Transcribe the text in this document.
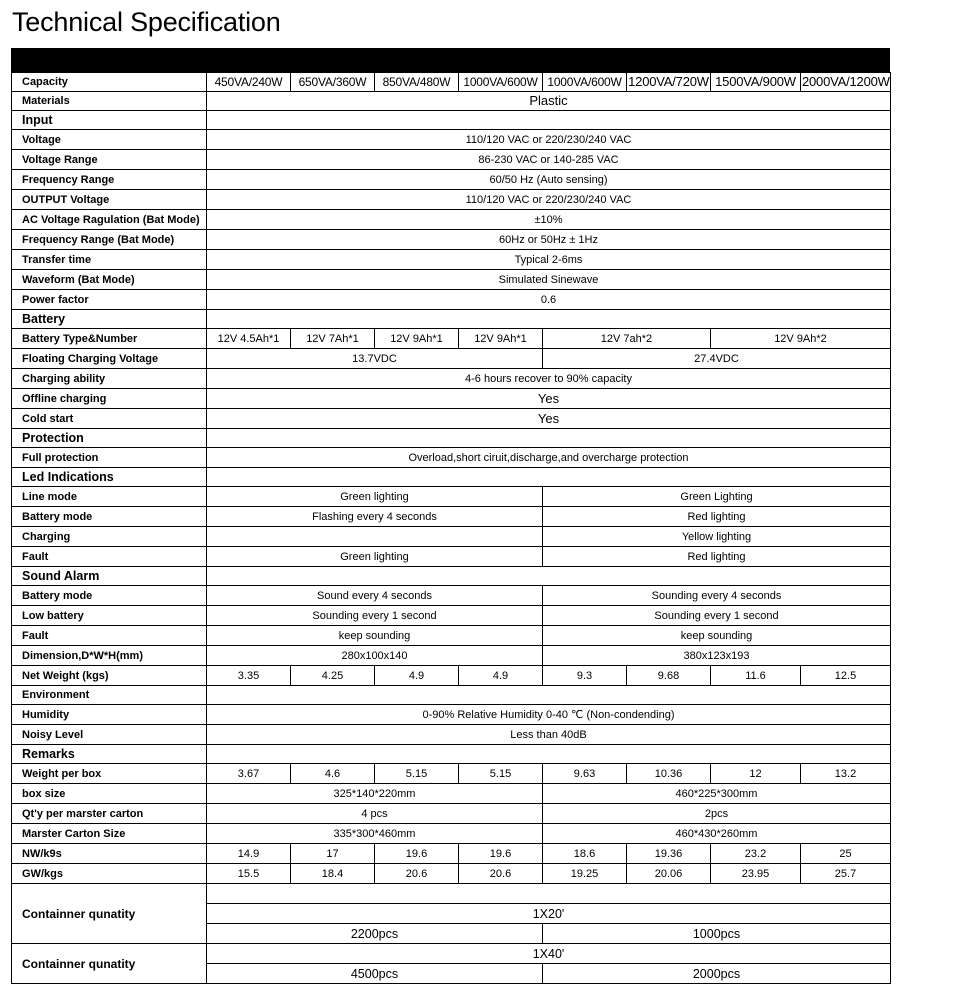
Technical Specification
Capacity	450VA/240W	650VA/360W	850VA/480W	1000VA/600W	1000VA/600W	1200VA/720W	1500VA/900W	2000VA/1200W
Materials	Plastic							
Input								
Voltage	110/120 VAC or 220/230/240 VAC							
Voltage Range	86-230 VAC or 140-285 VAC							
Frequency Range	60/50 Hz (Auto sensing)							
OUTPUT Voltage	110/120 VAC or 220/230/240 VAC							
AC Voltage Ragulation (Bat Mode)	±10%							
Frequency Range (Bat Mode)	60Hz or 50Hz ± 1Hz							
Transfer time	Typical 2-6ms							
Waveform (Bat Mode)	Simulated Sinewave							
Power factor	0.6							
Battery								
Battery Type&Number	12V 4.5Ah*1	12V 7Ah*1	12V 9Ah*1	12V 9Ah*1	12V 7ah*2		12V 9Ah*2	
Floating Charging Voltage	13.7VDC				27.4VDC			
Charging ability	4-6 hours recover to 90% capacity							
Offline charging	Yes							
Cold start	Yes							
Protection								
Full protection	Overload,short ciruit,discharge,and overcharge protection							
Led Indications								
Line mode	Green lighting				Green Lighting			
Battery mode	Flashing every 4 seconds				Red lighting			
Charging					Yellow lighting			
Fault	Green lighting				Red lighting			
Sound Alarm								
Battery mode	Sound every 4 seconds				Sounding every 4 seconds			
Low battery	Sounding every 1 second				Sounding every 1 second			
Fault	keep sounding				keep sounding			
Dimension,D*W*H(mm)	280x100x140				380x123x193			
Net Weight (kgs)	3.35	4.25	4.9	4.9	9.3	9.68	11.6	12.5
Environment								
Humidity	0-90% Relative Humidity 0-40 ℃ (Non-condending)							
Noisy Level	Less than 40dB							
Remarks								
Weight per box	3.67	4.6	5.15	5.15	9.63	10.36	12	13.2
box size	325*140*220mm				460*225*300mm			
Qt'y per marster carton	4 pcs				2pcs			
Marster Carton Size	335*300*460mm				460*430*260mm			
NW/k9s	14.9	17	19.6	19.6	18.6	19.36	23.2	25
GW/kgs	15.5	18.4	20.6	20.6	19.25	20.06	23.95	25.7
Containner qunatity								
	1X20'							
	2200pcs				1000pcs			
Containner qunatity	1X40'							
	4500pcs				2000pcs			
